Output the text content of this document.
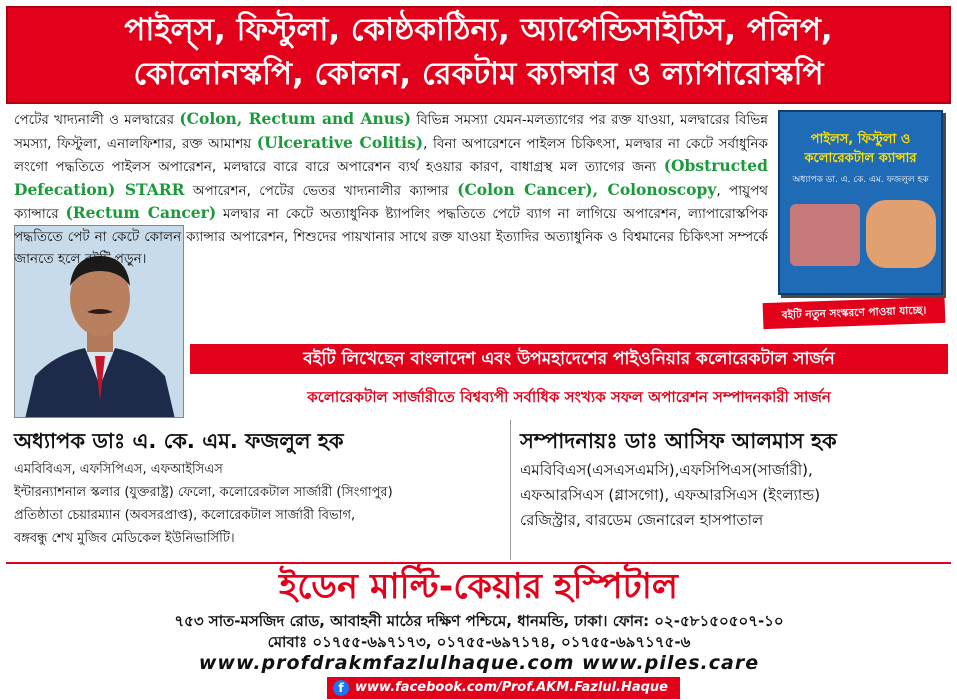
পাইল্‌স, ফিস্টুলা, কোষ্ঠকাঠিন্য, অ্যাপেন্ডিসাইটিস, পলিপ,
কোলোনস্কপি, কোলন, রেকটাম ক্যান্সার ও ল্যাপারোস্কপি
পেটের খাদ্যনালী ও মলদ্বারের (Colon, Rectum and Anus) বিভিন্ন সমস্যা যেমন-মলত্যাগের পর রক্ত যাওয়া, মলদ্বারের বিভিন্ন সমস্যা, ফিস্টুলা, এনালফিশার, রক্ত আমাশয় (Ulcerative Colitis), বিনা অপারেশনে পাইলস চিকিৎসা, মলদ্বার না কেটে সর্বাধুনিক লংগো পদ্ধতিতে পাইলস অপারেশন, মলদ্বারে বারে বারে অপারেশন ব্যর্থ হওয়ার কারণ, বাধাগ্রস্থ মল ত্যাগের জন্য (Obstructed Defecation) STARR অপারেশন, পেটের ভেতর খাদ্যনালীর ক্যান্সার (Colon Cancer), Colonoscopy, পায়ুপথ ক্যান্সারে (Rectum Cancer) মলদ্বার না কেটে অত্যাধুনিক ষ্ট্যাপলিং পদ্ধতিতে পেটে ব্যাগ না লাগিয়ে অপারেশন, ল্যাপারোস্কপিক পদ্ধতিতে পেট না কেটে কোলন ক্যান্সার অপারেশন, শিশুদের পায়খানার সাথে রক্ত যাওয়া ইত্যাদির অত্যাধুনিক ও বিশ্বমানের চিকিৎসা সম্পর্কে জানতে হলে বইটি পড়ুন।
পাইলস, ফিস্টুলা ও কলোরেকটাল ক্যান্সার
অধ্যাপক ডা. এ. কে. এম. ফজলুল হক
বইটি নতুন সংস্করণে পাওয়া যাচ্ছে।
বইটি লিখেছেন বাংলাদেশ এবং উপমহাদেশের পাইওনিয়ার কলোরেকটাল সার্জন
কলোরেকটাল সার্জারীতে বিশ্বব্যপী সর্বাধিক সংখ্যক সফল অপারেশন সম্পাদনকারী সার্জন
অধ্যাপক ডাঃ এ. কে. এম. ফজলুল হক
এমবিবিএস, এফসিপিএস, এফআইসিএস
ইন্টারন্যাশনাল স্কলার (যুক্তরাষ্ট্র) ফেলো, কলোরেকটাল সার্জারী (সিংগাপুর)
প্রতিষ্ঠাতা চেয়ারম্যান (অবসরপ্রাপ্ত), কলোরেকটাল সার্জারী বিভাগ,
বঙ্গবন্ধু শেখ মুজিব মেডিকেল ইউনিভার্সিটি।
সম্পাদনায়ঃ ডাঃ আসিফ আলমাস হক
এমবিবিএস(এসএসএমসি),এফসিপিএস(সার্জারী),
এফআরসিএস (গ্লাসগো), এফআরসিএস (ইংল্যান্ড)
রেজিস্ট্রার, বারডেম জেনারেল হাসপাতাল
ইডেন মাল্টি-কেয়ার হস্পিটাল
৭৫৩ সাত-মসজিদ রোড, আবাহনী মাঠের দক্ষিণ পশ্চিমে, ধানমন্ডি, ঢাকা। ফোন: ০২-৫৮১৫০৫০৭-১০
মোবাঃ ০১৭৫৫-৬৯৭১৭৩, ০১৭৫৫-৬৯৭১৭৪, ০১৭৫৫-৬৯৭১৭৫-৬
www.profdrakmfazlulhaque.com www.piles.care
f www.facebook.com/Prof.AKM.Fazlul.Haque
